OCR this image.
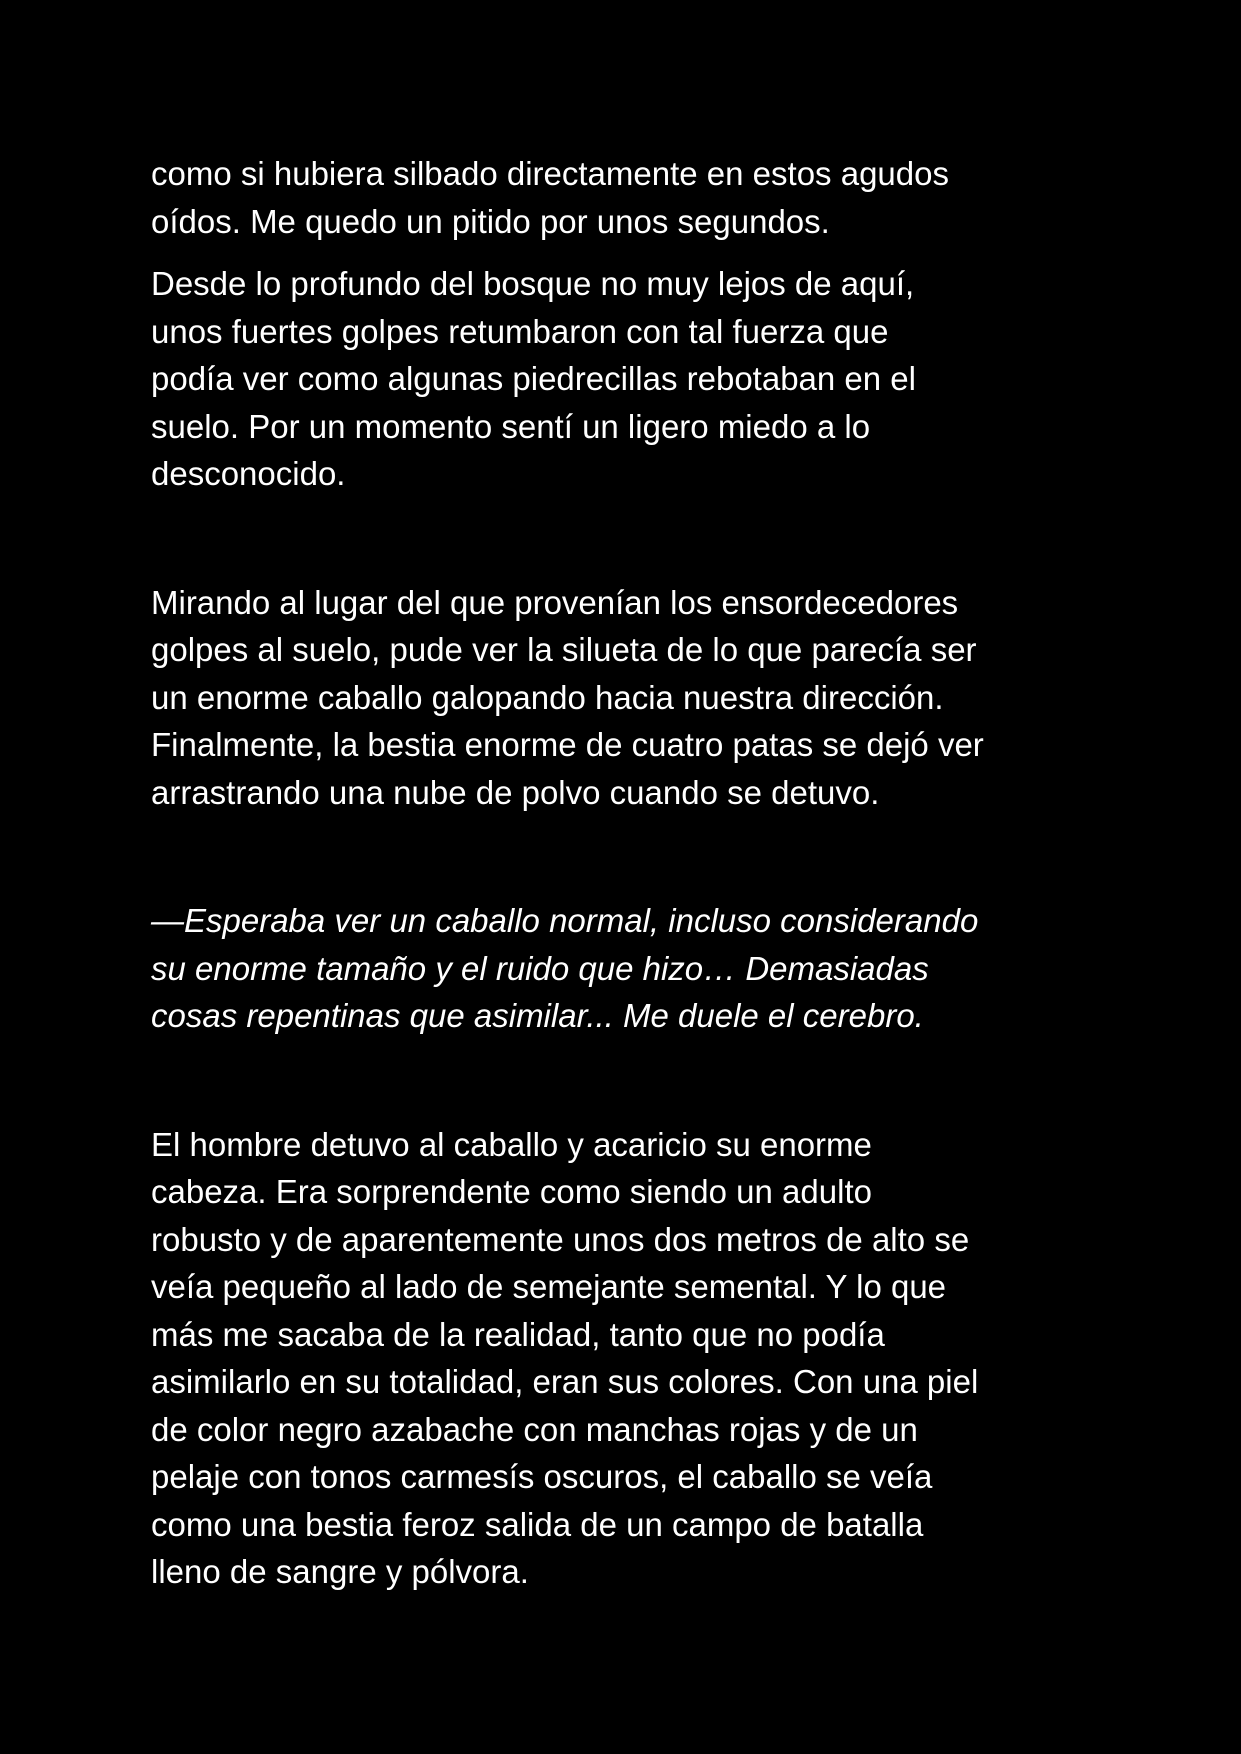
como si hubiera silbado directamente en estos agudos
oídos. Me quedo un pitido por unos segundos.

Desde lo profundo del bosque no muy lejos de aquí,
unos fuertes golpes retumbaron con tal fuerza que
podía ver como algunas piedrecillas rebotaban en el
suelo. Por un momento sentí un ligero miedo a lo
desconocido.

Mirando al lugar del que provenían los ensordecedores
golpes al suelo, pude ver la silueta de lo que parecía ser
un enorme caballo galopando hacia nuestra dirección.
Finalmente, la bestia enorme de cuatro patas se dejó ver
arrastrando una nube de polvo cuando se detuvo.

—Esperaba ver un caballo normal, incluso considerando
su enorme tamaño y el ruido que hizo… Demasiadas
cosas repentinas que asimilar... Me duele el cerebro.

El hombre detuvo al caballo y acaricio su enorme
cabeza. Era sorprendente como siendo un adulto
robusto y de aparentemente unos dos metros de alto se
veía pequeño al lado de semejante semental. Y lo que
más me sacaba de la realidad, tanto que no podía
asimilarlo en su totalidad, eran sus colores. Con una piel
de color negro azabache con manchas rojas y de un
pelaje con tonos carmesís oscuros, el caballo se veía
como una bestia feroz salida de un campo de batalla
lleno de sangre y pólvora.
